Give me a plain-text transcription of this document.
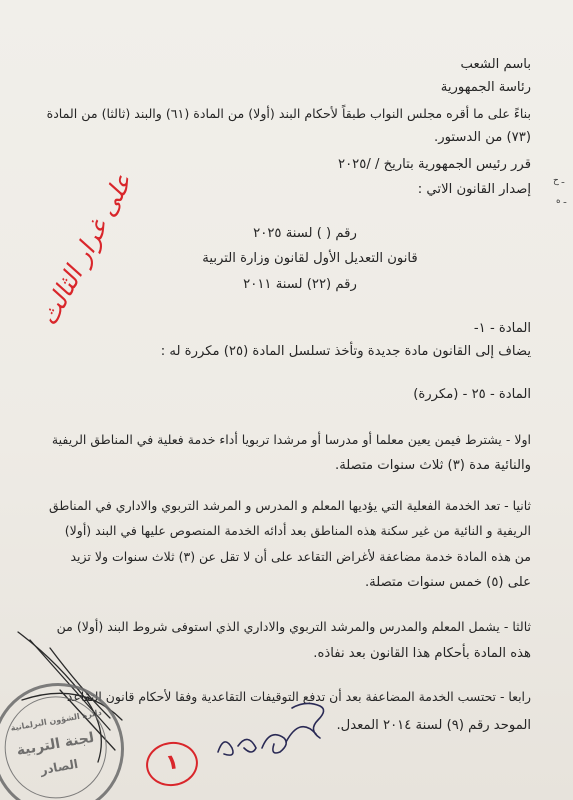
ـ ح
ـ ه
باسم الشعب
رئاسة الجمهورية
بناءً على ما أقره مجلس النواب طبقاً لأحكام البند (أولا) من المادة (٦١) والبند (ثالثا) من المادة
(٧٣) من الدستور.
قرر رئيس الجمهورية بتاريخ / /٢٠٢٥
إصدار القانون الاتي :
رقم ( ) لسنة ٢٠٢٥
قانون التعديل الأول لقانون وزارة التربية
رقم (٢٢) لسنة ٢٠١١
المادة - ١-
يضاف إلى القانون مادة جديدة وتأخذ تسلسل المادة (٢٥) مكررة له :
المادة - ٢٥ - (مكررة)
اولا - يشترط فيمن يعين معلما أو مدرسا أو مرشدا تربويا أداء خدمة فعلية في المناطق الريفية
والنائية مدة (٣) ثلاث سنوات متصلة.
ثانيا - تعد الخدمة الفعلية التي يؤديها المعلم و المدرس و المرشد التربوي والاداري في المناطق
الريفية و النائية من غير سكنة هذه المناطق بعد أدائه الخدمة المنصوص عليها في البند (أولا)
من هذه المادة خدمة مضاعفة لأغراض التقاعد على أن لا تقل عن (٣) ثلاث سنوات ولا تزيد
على (٥) خمس سنوات متصلة.
ثالثا - يشمل المعلم والمدرس والمرشد التربوي والاداري الذي استوفى شروط البند (أولا) من
هذه المادة بأحكام هذا القانون بعد نفاذه.
رابعا - تحتسب الخدمة المضاعفة بعد أن تدفع التوقيفات التقاعدية وفقا لأحكام قانون التقاعد
الموحد رقم (٩) لسنة ٢٠١٤ المعدل.
على غرار الثالث
١
دائرة الشؤون البرلمانية
لجنة التربية
الصادر
